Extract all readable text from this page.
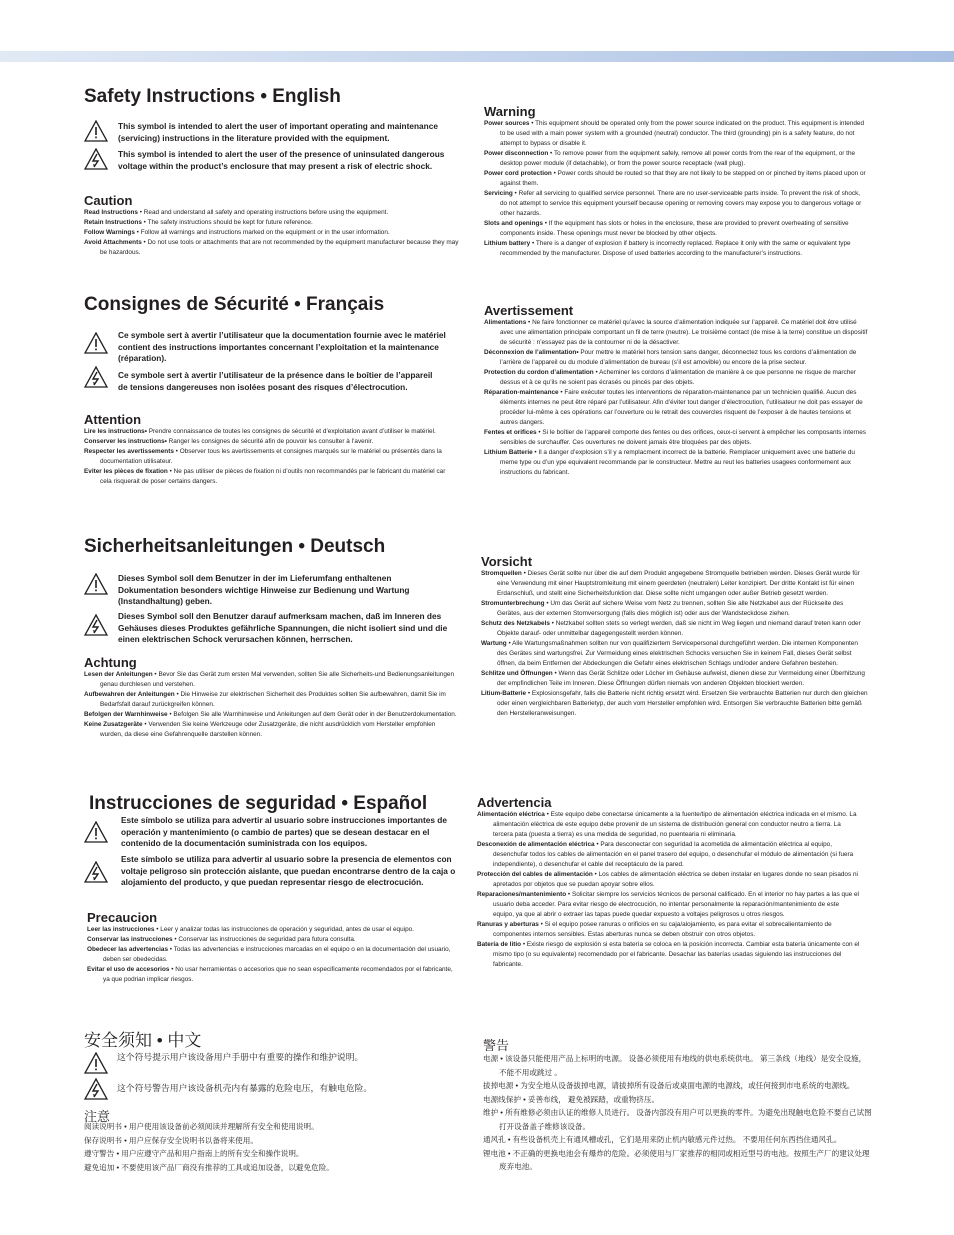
Safety Instructions • English
This symbol is intended to alert the user of important operating and maintenance (servicing) instructions in the literature provided with the equipment.
This symbol is intended to alert the user of the presence of uninsulated dangerous voltage within the product’s enclosure that may present a risk of electric shock.
Caution
Read Instructions • Read and understand all safety and operating instructions before using the equipment.
Retain Instructions • The safety instructions should be kept for future reference.
Follow Warnings • Follow all warnings and instructions marked on the equipment or in the user information.
Avoid Attachments • Do not use tools or attachments that are not recommended by the equipment manufacturer because they may be hazardous.
Warning
Power sources • This equipment should be operated only from the power source indicated on the product. This equipment is intended to be used with a main power system with a grounded (neutral) conductor. The third (grounding) pin is a safety feature, do not attempt to bypass or disable it.
Power disconnection • To remove power from the equipment safely, remove all power cords from the rear of the equipment, or the desktop power module (if detachable), or from the power source receptacle (wall plug).
Power cord protection • Power cords should be routed so that they are not likely to be stepped on or pinched by items placed upon or against them.
Servicing • Refer all servicing to qualified service personnel. There are no user-serviceable parts inside. To prevent the risk of shock, do not attempt to service this equipment yourself because opening or removing covers may expose you to dangerous voltage or other hazards.
Slots and openings • If the equipment has slots or holes in the enclosure, these are provided to prevent overheating of sensitive components inside. These openings must never be blocked by other objects.
Lithium battery • There is a danger of explosion if battery is incorrectly replaced. Replace it only with the same or equivalent type recommended by the manufacturer. Dispose of used batteries according to the manufacturer’s instructions.
Consignes de Sécurité • Français
Ce symbole sert à avertir l’utilisateur que la documentation fournie avec le matériel contient des instructions importantes concernant l’exploitation et la maintenance (réparation).
Ce symbole sert à avertir l’utilisateur de la présence dans le boîtier de l’appareil de tensions dangereuses non isolées posant des risques d’électrocution.
Attention
Lire les instructions• Prendre connaissance de toutes les consignes de sécurité et d’exploitation avant d’utiliser le matériel.
Conserver les instructions• Ranger les consignes de sécurité afin de pouvoir les consulter à l’avenir.
Respecter les avertissements • Observer tous les avertissements et consignes marqués sur le matériel ou présentés dans la documentation utilisateur.
Eviter les pièces de fixation • Ne pas utiliser de pièces de fixation ni d’outils non recommandés par le fabricant du matériel car cela risquerait de poser certains dangers.
Avertissement
Alimentations • Ne faire fonctionner ce matériel qu’avec la source d’alimentation indiquée sur l’appareil. Ce matériel doit être utilisé avec une alimentation principale comportant un fil de terre (neutre). Le troisième contact (de mise à la terre) constitue un dispositif de sécurité : n’essayez pas de la contourner ni de la désactiver.
Déconnexion de l’alimentation• Pour mettre le matériel hors tension sans danger, déconnectez tous les cordons d’alimentation de l’arrière de l’appareil ou du module d’alimentation de bureau (s’il est amovible) ou encore de la prise secteur.
Protection du cordon d’alimentation • Acheminer les cordons d’alimentation de manière à ce que personne ne risque de marcher dessus et à ce qu’ils ne soient pas écrasés ou pincés par des objets.
Réparation-maintenance • Faire exécuter toutes les interventions de réparation-maintenance par un technicien qualifié. Aucun des éléments internes ne peut être réparé par l’utilisateur. Afin d’éviter tout danger d’électrocution, l’utilisateur ne doit pas essayer de procéder lui-même à ces opérations car l’ouverture ou le retrait des couvercles risquent de l’exposer à de hautes tensions et autres dangers.
Fentes et orifices • Si le boîtier de l’appareil comporte des fentes ou des orifices, ceux-ci servent à empêcher les composants internes sensibles de surchauffer. Ces ouvertures ne doivent jamais être bloquées par des objets.
Lithium Batterie • Il a danger d’explosion s’il y a remplacment incorrect de la batterie. Remplacer uniquement avec une batterie du meme type ou d’un ype equivalent recommande par le constructeur. Mettre au reut les batteries usagees conformement aux instructions du fabricant.
Sicherheitsanleitungen • Deutsch
Dieses Symbol soll dem Benutzer in der im Lieferumfang enthaltenen Dokumentation besonders wichtige Hinweise zur Bedienung und Wartung (Instandhaltung) geben.
Dieses Symbol soll den Benutzer darauf aufmerksam machen, daß im Inneren des Gehäuses dieses Produktes gefährliche Spannungen, die nicht isoliert sind und die einen elektrischen Schock verursachen können, herrschen.
Achtung
Lesen der Anleitungen • Bevor Sie das Gerät zum ersten Mal verwenden, sollten Sie alle Sicherheits-und Bedienungsanleitungen genau durchlesen und verstehen.
Aufbewahren der Anleitungen • Die Hinweise zur elektrischen Sicherheit des Produktes sollten Sie aufbewahren, damit Sie im Bedarfsfall darauf zurückgreifen können.
Befolgen der Warnhinweise • Befolgen Sie alle Warnhinweise und Anleitungen auf dem Gerät oder in der Benutzerdokumentation.
Keine Zusatzgeräte • Verwenden Sie keine Werkzeuge oder Zusatzgeräte, die nicht ausdrücklich vom Hersteller empfohlen wurden, da diese eine Gefahrenquelle darstellen können.
Vorsicht
Stromquellen • Dieses Gerät sollte nur über die auf dem Produkt angegebene Stromquelle betrieben werden. Dieses Gerät wurde für eine Verwendung mit einer Hauptstromleitung mit einem geerdeten (neutralen) Leiter konzipiert. Der dritte Kontakt ist für einen Erdanschluß, und stellt eine Sicherheitsfunktion dar. Diese sollte nicht umgangen oder außer Betrieb gesetzt werden.
Stromunterbrechung • Um das Gerät auf sichere Weise vom Netz zu trennen, sollten Sie alle Netzkabel aus der Rückseite des Gerätes, aus der externen Stomversorgung (falls dies möglich ist) oder aus der Wandsteckdose ziehen.
Schutz des Netzkabels • Netzkabel sollten stets so verlegt werden, daß sie nicht im Weg liegen und niemand darauf treten kann oder Objekte darauf- oder unmittelbar dagegengestellt werden können.
Wartung • Alle Wartungsmaßnahmen sollten nur von qualifiziertem Servicepersonal durchgeführt werden. Die internen Komponenten des Gerätes sind wartungsfrei. Zur Vermeidung eines elektrischen Schocks versuchen Sie in keinem Fall, dieses Gerät selbst öffnen, da beim Entfernen der Abdeckungen die Gefahr eines elektrischen Schlags und/oder andere Gefahren bestehen.
Schlitze und Öffnungen • Wenn das Gerät Schlitze oder Löcher im Gehäuse aufweist, dienen diese zur Vermeidung einer Überhitzung der empfindlichen Teile im Inneren. Diese Öffnungen dürfen niemals von anderen Objekten blockiert werden.
Litium-Batterie • Explosionsgefahr, falls die Batterie nicht richtig ersetzt wird. Ersetzen Sie verbrauchte Batterien nur durch den gleichen oder einen vergleichbaren Batterietyp, der auch vom Hersteller empfohlen wird. Entsorgen Sie verbrauchte Batterien bitte gemäß den Herstelleranweisungen.
Instrucciones de seguridad • Español
Este símbolo se utiliza para advertir al usuario sobre instrucciones importantes de operación y mantenimiento (o cambio de partes) que se desean destacar en el contenido de la documentación suministrada con los equipos.
Este símbolo se utiliza para advertir al usuario sobre la presencia de elementos con voltaje peligroso sin protección aislante, que puedan encontrarse dentro de la caja o alojamiento del producto, y que puedan representar riesgo de electrocución.
Precaucion
Leer las instrucciones • Leer y analizar todas las instrucciones de operación y seguridad, antes de usar el equipo.
Conservar las instrucciones • Conservar las instrucciones de seguridad para futura consulta.
Obedecer las advertencias • Todas las advertencias e instrucciones marcadas en el equipo o en la documentación del usuario, deben ser obedecidas.
Evitar el uso de accesorios • No usar herramientas o accesorios que no sean especificamente recomendados por el fabricante, ya que podrian implicar riesgos.
Advertencia
Alimentación eléctrica • Este equipo debe conectarse únicamente a la fuente/tipo de alimentación eléctrica indicada en el mismo. La alimentación eléctrica de este equipo debe provenir de un sistema de distribución general con conductor neutro a tierra. La tercera pata (puesta a tierra) es una medida de seguridad, no puentearia ni eliminaria.
Desconexión de alimentación eléctrica • Para desconectar con seguridad la acometida de alimentación eléctrica al equipo, desenchufar todos los cables de alimentación en el panel trasero del equipo, o desenchufar el módulo de alimentación (si fuera independiente), o desenchufar el cable del receptáculo de la pared.
Protección del cables de alimentación • Los cables de alimentación eléctrica se deben instalar en lugares donde no sean pisados ni apretados por objetos que se puedan apoyar sobre ellos.
Reparaciones/mantenimiento • Solicitar siempre los servicios técnicos de personal calificado. En el interior no hay partes a las que el usuario deba acceder. Para evitar riesgo de electrocución, no intentar personalmente la reparación/mantenimiento de este equipo, ya que al abrir o extraer las tapas puede quedar expuesto a voltajes peligrosos u otros riesgos.
Ranuras y aberturas • Si el equipo posee ranuras o orificios en su caja/alojamiento, es para evitar el sobrecalientamiento de componentes internos sensibles. Estas aberturas nunca se deben obstruir con otros objetos.
Batería de litio • Existe riesgo de explosión si esta batería se coloca en la posición incorrecta. Cambiar esta batería únicamente con el mismo tipo (o su equivalente) recomendado por el fabricante. Desachar las baterías usadas siguiendo las instrucciones del fabricante.
安全须知 • 中文
这个符号提示用户该设备用户手册中有重要的操作和维护说明。
这个符号警告用户该设备机壳内有暴露的危险电压，有触电危险。
注意
阅读说明书 • 用户使用该设备前必须阅读并理解所有安全和使用说明。
保存说明书 • 用户应保存安全说明书以备将来使用。
遵守警告 • 用户应遵守产品和用户指南上的所有安全和操作说明。
避免追加 • 不要使用该产品厂商没有推荐的工具或追加设备，以避免危险。
警告
电源 • 该设备只能使用产品上标明的电源。 设备必须使用有地线的供电系统供电。 第三条线（地线）是安全设施，不能不用或跳过 。
拔掉电源 • 为安全地从设备拔掉电源，请拔掉所有设备后或桌面电源的电源线，或任何接到市电系统的电源线。
电源线保护 • 妥善布线， 避免被踩踏，或重物挤压。
维护 • 所有维修必须由认证的维修人员进行。 设备内部没有用户可以更换的零件。为避免出现触电危险不要自己试图打开设备盖子维修该设备。
通风孔 • 有些设备机壳上有通风槽或孔，它们是用来防止机内敏感元件过热。 不要用任何东西挡住通风孔。
锂电池 • 不正确的更换电池会有爆炸的危险。必须使用与厂家推荐的相同或相近型号的电池。按照生产厂的建议处理废弃电池。
